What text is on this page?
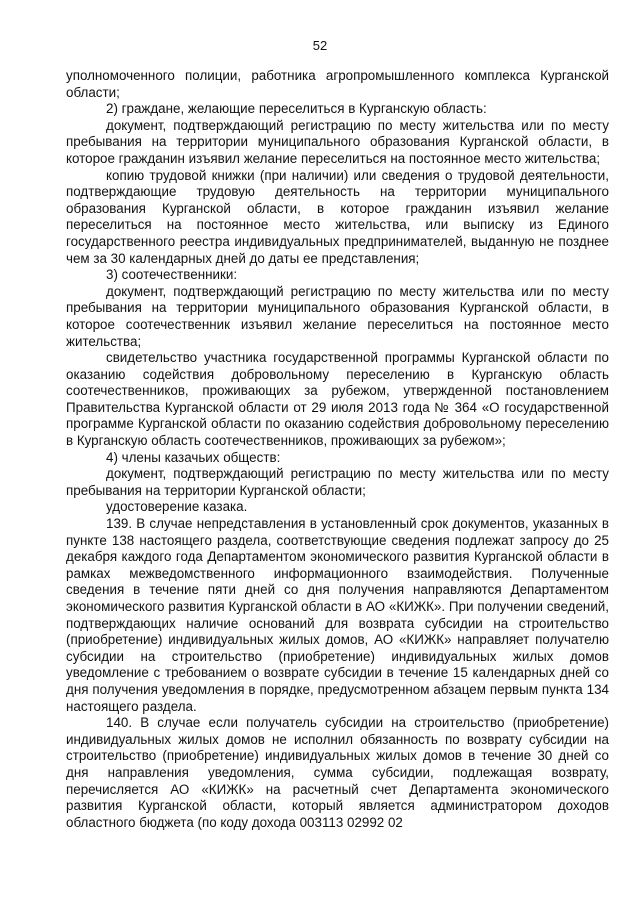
52

уполномоченного полиции, работника агропромышленного комплекса Курганской области;

2) граждане, желающие переселиться в Курганскую область:

документ, подтверждающий регистрацию по месту жительства или по месту пребывания на территории муниципального образования Курганской области, в которое гражданин изъявил желание переселиться на постоянное место жительства;

копию трудовой книжки (при наличии) или сведения о трудовой деятельности, подтверждающие трудовую деятельность на территории муниципального образования Курганской области, в которое гражданин изъявил желание переселиться на постоянное место жительства, или выписку из Единого государственного реестра индивидуальных предпринимателей, выданную не позднее чем за 30 календарных дней до даты ее представления;

3) соотечественники:

документ, подтверждающий регистрацию по месту жительства или по месту пребывания на территории муниципального образования Курганской области, в которое соотечественник изъявил желание переселиться на постоянное место жительства;

свидетельство участника государственной программы Курганской области по оказанию содействия добровольному переселению в Курганскую область соотечественников, проживающих за рубежом, утвержденной постановлением Правительства Курганской области от 29 июля 2013 года № 364 «О государственной программе Курганской области по оказанию содействия добровольному переселению в Курганскую область соотечественников, проживающих за рубежом»;

4) члены казачьих обществ:

документ, подтверждающий регистрацию по месту жительства или по месту пребывания на территории Курганской области;

удостоверение казака.

139. В случае непредставления в установленный срок документов, указанных в пункте 138 настоящего раздела, соответствующие сведения подлежат запросу до 25 декабря каждого года Департаментом экономического развития Курганской области в рамках межведомственного информационного взаимодействия. Полученные сведения в течение пяти дней со дня получения направляются Департаментом экономического развития Курганской области в АО «КИЖК». При получении сведений, подтверждающих наличие оснований для возврата субсидии на строительство (приобретение) индивидуальных жилых домов, АО «КИЖК» направляет получателю субсидии на строительство (приобретение) индивидуальных жилых домов уведомление с требованием о возврате субсидии в течение 15 календарных дней со дня получения уведомления в порядке, предусмотренном абзацем первым пункта 134 настоящего раздела.

140. В случае если получатель субсидии на строительство (приобретение) индивидуальных жилых домов не исполнил обязанность по возврату субсидии на строительство (приобретение) индивидуальных жилых домов в течение 30 дней со дня направления уведомления, сумма субсидии, подлежащая возврату, перечисляется АО «КИЖК» на расчетный счет Департамента экономического развития Курганской области, который является администратором доходов областного бюджета (по коду дохода 003113 02992 02
